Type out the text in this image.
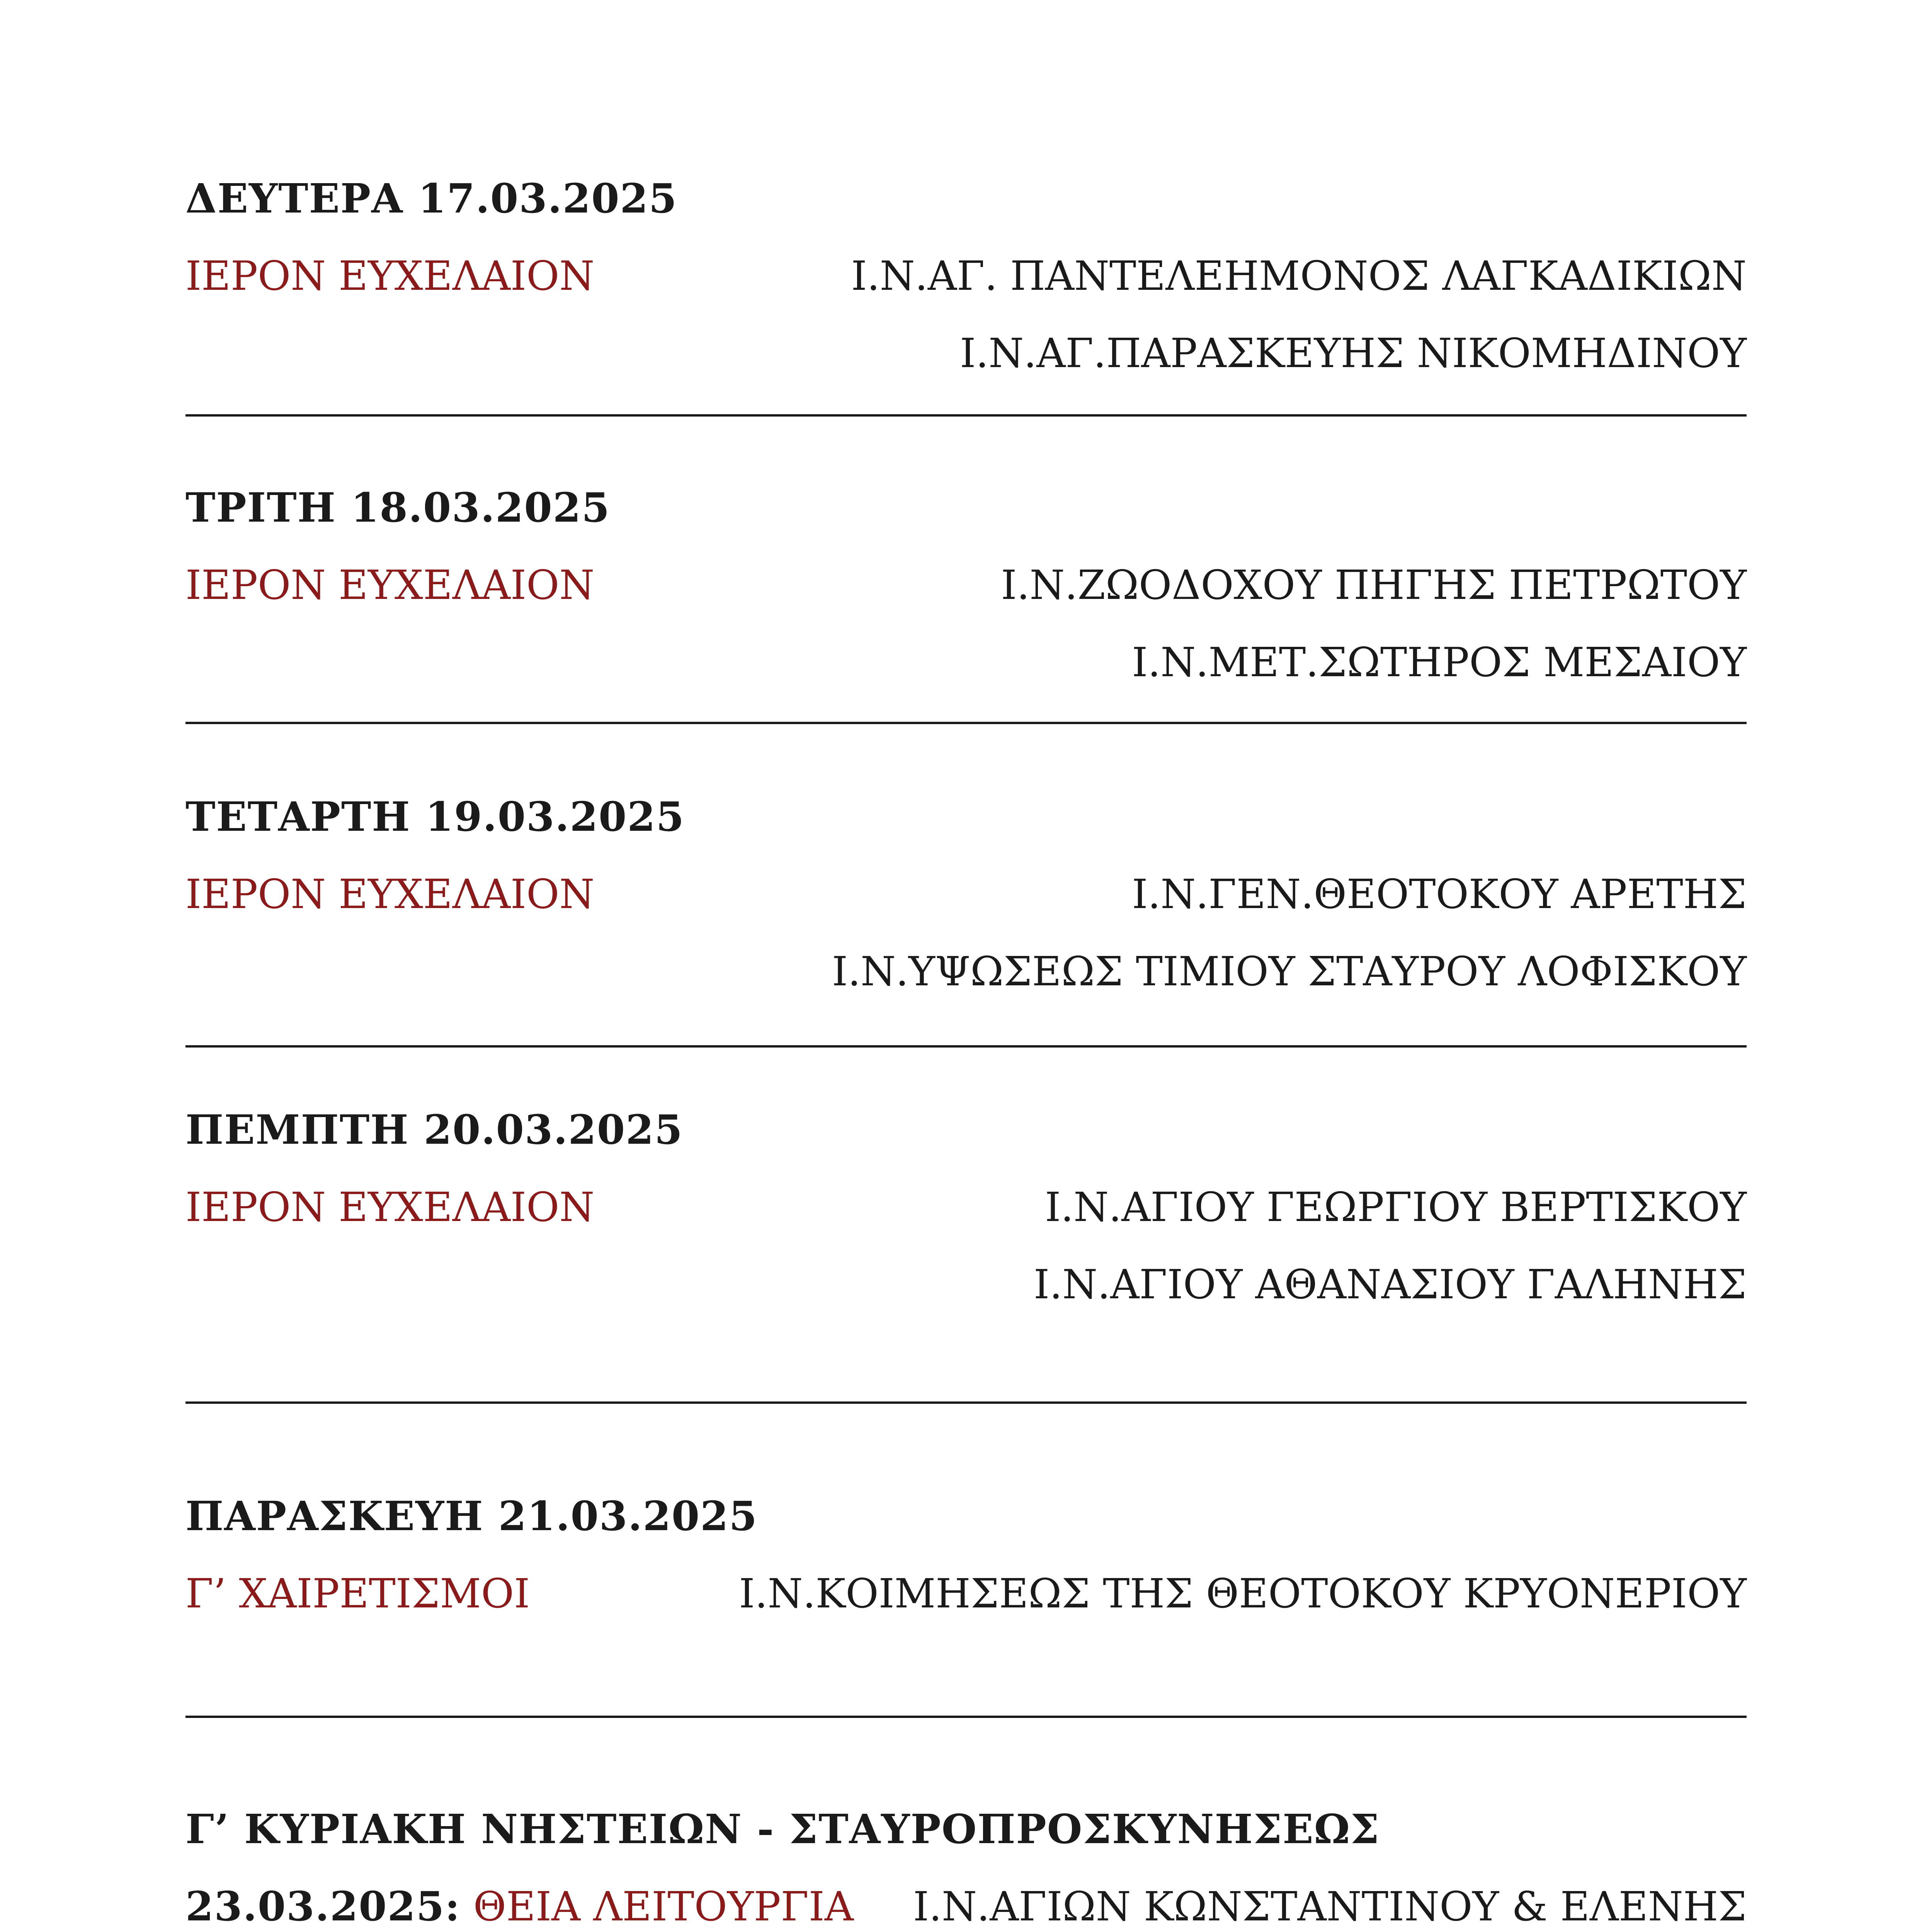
ΔΕΥΤΕΡΑ 17.03.2025
ΙΕΡΟΝ ΕΥΧΕΛΑΙΟΝ	Ι.Ν.ΑΓ. ΠΑΝΤΕΛΕΗΜΟΝΟΣ ΛΑΓΚΑΔΙΚΙΩΝ
Ι.Ν.ΑΓ.ΠΑΡΑΣΚΕΥΗΣ ΝΙΚΟΜΗΔΙΝΟΥ
ΤΡΙΤΗ 18.03.2025
ΙΕΡΟΝ ΕΥΧΕΛΑΙΟΝ	Ι.Ν.ΖΩΟΔΟΧΟΥ ΠΗΓΗΣ ΠΕΤΡΩΤΟΥ
Ι.Ν.ΜΕΤ.ΣΩΤΗΡΟΣ ΜΕΣΑΙΟΥ
ΤΕΤΑΡΤΗ 19.03.2025
ΙΕΡΟΝ ΕΥΧΕΛΑΙΟΝ	Ι.Ν.ΓΕΝ.ΘΕΟΤΟΚΟΥ ΑΡΕΤΗΣ
Ι.Ν.ΥΨΩΣΕΩΣ ΤΙΜΙΟΥ ΣΤΑΥΡΟΥ ΛΟΦΙΣΚΟΥ
ΠΕΜΠΤΗ 20.03.2025
ΙΕΡΟΝ ΕΥΧΕΛΑΙΟΝ	Ι.Ν.ΑΓΙΟΥ ΓΕΩΡΓΙΟΥ ΒΕΡΤΙΣΚΟΥ
Ι.Ν.ΑΓΙΟΥ ΑΘΑΝΑΣΙΟΥ ΓΑΛΗΝΗΣ
ΠΑΡΑΣΚΕΥΗ 21.03.2025
Γ’ ΧΑΙΡΕΤΙΣΜΟΙ	Ι.Ν.ΚΟΙΜΗΣΕΩΣ ΤΗΣ ΘΕΟΤΟΚΟΥ ΚΡΥΟΝΕΡΙΟΥ
Γ’ ΚΥΡΙΑΚΗ ΝΗΣΤΕΙΩΝ - ΣΤΑΥΡΟΠΡΟΣΚΥΝΗΣΕΩΣ
23.03.2025: ΘΕΙΑ ΛΕΙΤΟΥΡΓΙΑ Ι.Ν.ΑΓΙΩΝ ΚΩΝΣΤΑΝΤΙΝΟΥ & ΕΛΕΝΗΣ
